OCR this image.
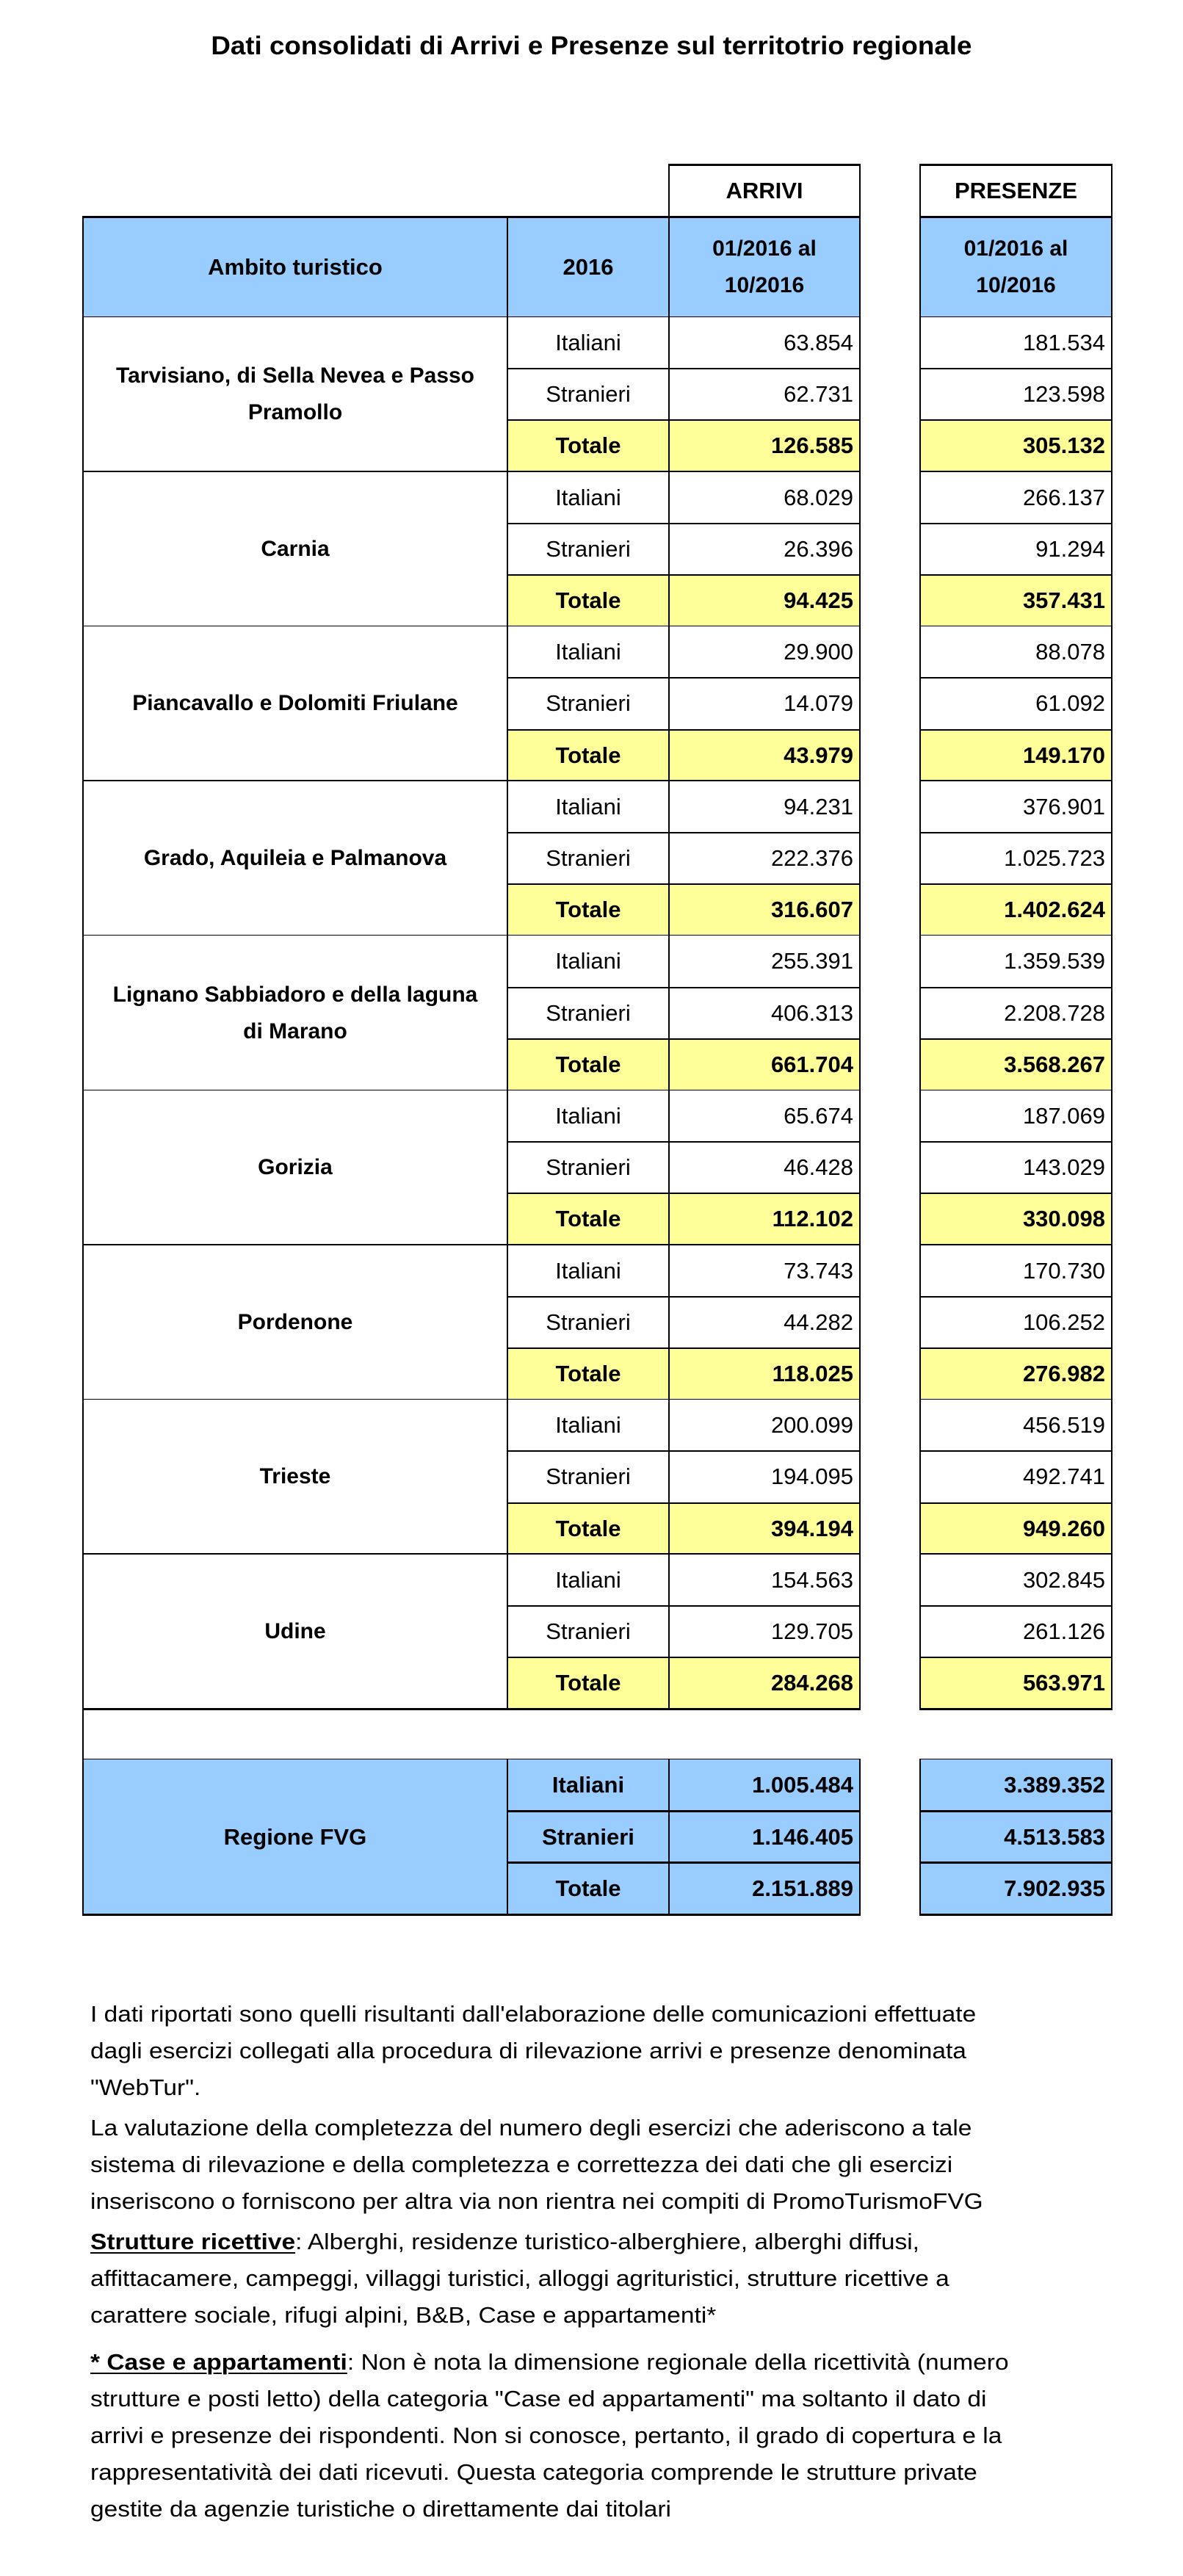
Dati consolidati di Arrivi e Presenze sul territotrio regionale
ARRIVI	PRESENZE
Ambito turistico	2016
01/2016 al
10/2016
01/2016 al
10/2016
Tarvisiano, di Sella Nevea e Passo
Pramollo
Italiani	63.854	181.534
Stranieri	62.731	123.598
Totale	126.585	305.132
Carnia
Italiani	68.029	266.137
Stranieri	26.396	91.294
Totale	94.425	357.431
Piancavallo e Dolomiti Friulane
Italiani	29.900	88.078
Stranieri	14.079	61.092
Totale	43.979	149.170
Grado, Aquileia e Palmanova
Italiani	94.231	376.901
Stranieri	222.376	1.025.723
Totale	316.607	1.402.624
Lignano Sabbiadoro e della laguna
di Marano
Italiani	255.391	1.359.539
Stranieri	406.313	2.208.728
Totale	661.704	3.568.267
Gorizia
Italiani	65.674	187.069
Stranieri	46.428	143.029
Totale	112.102	330.098
Pordenone
Italiani	73.743	170.730
Stranieri	44.282	106.252
Totale	118.025	276.982
Trieste
Italiani	200.099	456.519
Stranieri	194.095	492.741
Totale	394.194	949.260
Udine
Italiani	154.563	302.845
Stranieri	129.705	261.126
Totale	284.268	563.971
Regione FVG
Italiani	1.005.484	3.389.352
Stranieri	1.146.405	4.513.583
Totale	2.151.889	7.902.935
I dati riportati sono quelli risultanti dall'elaborazione delle comunicazioni effettuate
dagli esercizi collegati alla procedura di rilevazione arrivi e presenze denominata
"WebTur".
La valutazione della completezza del numero degli esercizi che aderiscono a tale
sistema di rilevazione e della completezza e correttezza dei dati che gli esercizi
inseriscono o forniscono per altra via non rientra nei compiti di PromoTurismoFVG
Strutture ricettive: Alberghi, residenze turistico-alberghiere, alberghi diffusi,
affittacamere, campeggi, villaggi turistici, alloggi agrituristici, strutture ricettive a
carattere sociale, rifugi alpini, B&B, Case e appartamenti*
* Case e appartamenti: Non è nota la dimensione regionale della ricettività (numero
strutture e posti letto) della categoria "Case ed appartamenti" ma soltanto il dato di
arrivi e presenze dei rispondenti. Non si conosce, pertanto, il grado di copertura e la
rappresentatività dei dati ricevuti. Questa categoria comprende le strutture private
gestite da agenzie turistiche o direttamente dai titolari
